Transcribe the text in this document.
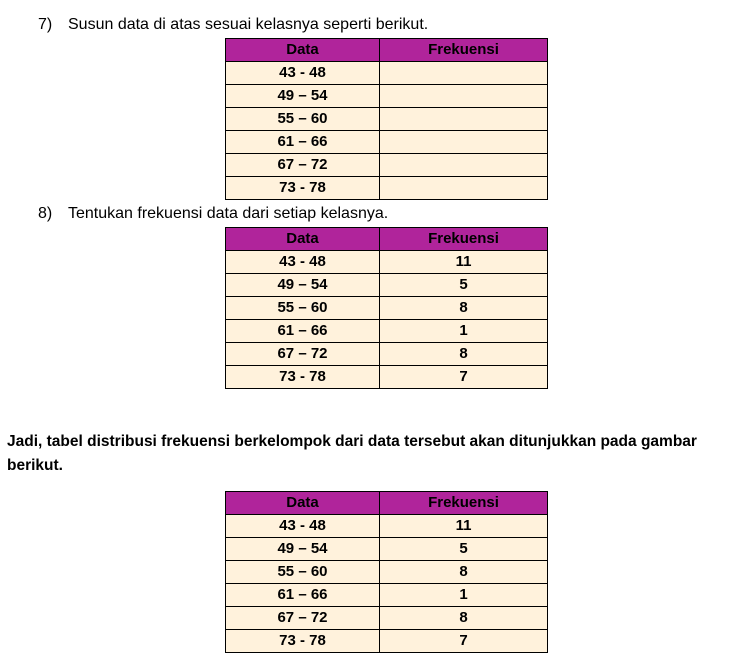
7) Susun data di atas sesuai kelasnya seperti berikut.
Data	Frekuensi
43 - 48	
49 – 54	
55 – 60	
61 – 66	
67 – 72	
73 - 78	
8) Tentukan frekuensi data dari setiap kelasnya.
Data	Frekuensi
43 - 48	11
49 – 54	5
55 – 60	8
61 – 66	1
67 – 72	8
73 - 78	7
Jadi, tabel distribusi frekuensi berkelompok dari data tersebut akan ditunjukkan pada gambar berikut.
Data	Frekuensi
43 - 48	11
49 – 54	5
55 – 60	8
61 – 66	1
67 – 72	8
73 - 78	7
